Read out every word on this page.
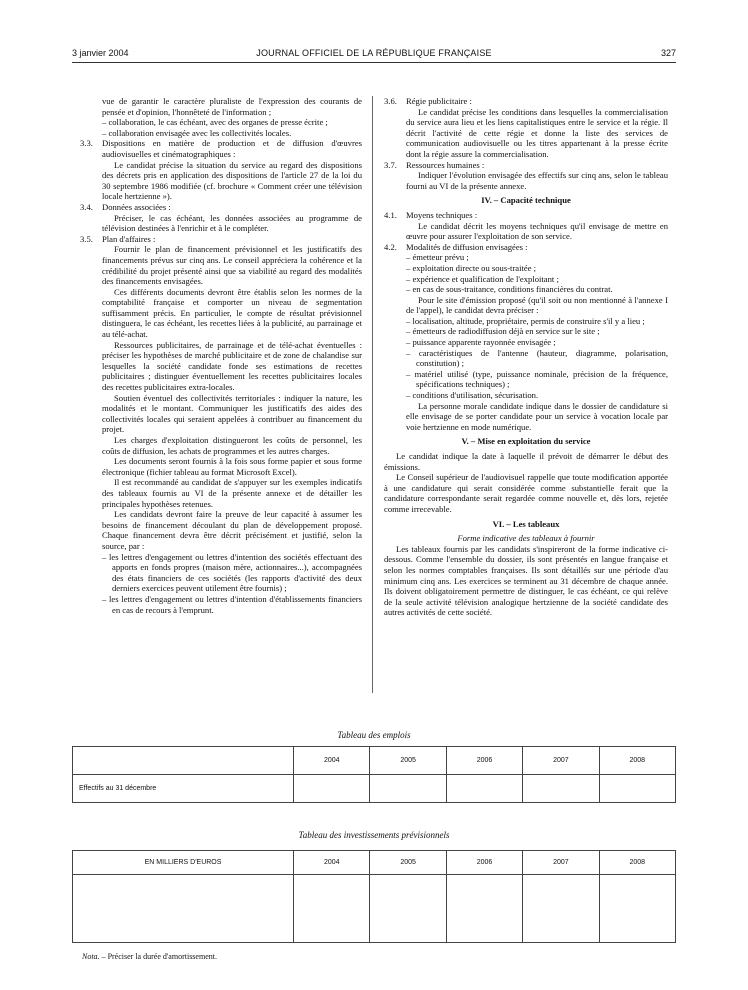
3 janvier 2004	JOURNAL OFFICIEL DE LA RÉPUBLIQUE FRANÇAISE	327

vue de garantir le caractère pluraliste de l'expression des courants de pensée et d'opinion, l'honnêteté de l'information ;

– collaboration, le cas échéant, avec des organes de presse écrite ;

– collaboration envisagée avec les collectivités locales.

3.3.	Dispositions en matière de production et de diffusion d'œuvres audiovisuelles et cinématographiques :

Le candidat précise la situation du service au regard des dispositions des décrets pris en application des dispositions de l'article 27 de la loi du 30 septembre 1986 modifiée (cf. brochure « Comment créer une télévision locale hertzienne »).

3.4.	Données associées :

Préciser, le cas échéant, les données associées au programme de télévision destinées à l'enrichir et à le compléter.

3.5.	Plan d'affaires :

Fournir le plan de financement prévisionnel et les justificatifs des financements prévus sur cinq ans. Le conseil appréciera la cohérence et la crédibilité du projet présenté ainsi que sa viabilité au regard des modalités des financements envisagées.

Ces différents documents devront être établis selon les normes de la comptabilité française et comporter un niveau de segmentation suffisamment précis. En particulier, le compte de résultat prévisionnel distinguera, le cas échéant, les recettes liées à la publicité, au parrainage et au télé-achat.

Ressources publicitaires, de parrainage et de télé-achat éventuelles : préciser les hypothèses de marché publicitaire et de zone de chalandise sur lesquelles la société candidate fonde ses estimations de recettes publicitaires ; distinguer éventuellement les recettes publicitaires locales des recettes publicitaires extra-locales.

Soutien éventuel des collectivités territoriales : indiquer la nature, les modalités et le montant. Communiquer les justificatifs des aides des collectivités locales qui seraient appelées à contribuer au financement du projet.

Les charges d'exploitation distingueront les coûts de personnel, les coûts de diffusion, les achats de programmes et les autres charges.

Les documents seront fournis à la fois sous forme papier et sous forme électronique (fichier tableau au format Microsoft Excel).

Il est recommandé au candidat de s'appuyer sur les exemples indicatifs des tableaux fournis au VI de la présente annexe et de détailler les principales hypothèses retenues.

Les candidats devront faire la preuve de leur capacité à assumer les besoins de financement découlant du plan de développement proposé. Chaque financement devra être décrit précisément et justifié, selon la source, par :

– les lettres d'engagement ou lettres d'intention des sociétés effectuant des apports en fonds propres (maison mère, actionnaires...), accompagnées des états financiers de ces sociétés (les rapports d'activité des deux derniers exercices peuvent utilement être fournis) ;

– les lettres d'engagement ou lettres d'intention d'établissements financiers en cas de recours à l'emprunt.

3.6.	Régie publicitaire :

Le candidat précise les conditions dans lesquelles la commercialisation du service aura lieu et les liens capitalistiques entre le service et la régie. Il décrit l'activité de cette régie et donne la liste des services de communication audiovisuelle ou les titres appartenant à la presse écrite dont la régie assure la commercialisation.

3.7.	Ressources humaines :

Indiquer l'évolution envisagée des effectifs sur cinq ans, selon le tableau fourni au VI de la présente annexe.

IV. – Capacité technique

4.1.	Moyens techniques :

Le candidat décrit les moyens techniques qu'il envisage de mettre en œuvre pour assurer l'exploitation de son service.

4.2.	Modalités de diffusion envisagées :

– émetteur prévu ;

– exploitation directe ou sous-traitée ;

– expérience et qualification de l'exploitant ;

– en cas de sous-traitance, conditions financières du contrat.

Pour le site d'émission proposé (qu'il soit ou non mentionné à l'annexe I de l'appel), le candidat devra préciser :

– localisation, altitude, propriétaire, permis de construire s'il y a lieu ;

– émetteurs de radiodiffusion déjà en service sur le site ;

– puissance apparente rayonnée envisagée ;

– caractéristiques de l'antenne (hauteur, diagramme, polarisation, constitution) ;

– matériel utilisé (type, puissance nominale, précision de la fréquence, spécifications techniques) ;

– conditions d'utilisation, sécurisation.

La personne morale candidate indique dans le dossier de candidature si elle envisage de se porter candidate pour un service à vocation locale par voie hertzienne en mode numérique.

V. – Mise en exploitation du service

Le candidat indique la date à laquelle il prévoit de démarrer le début des émissions.

Le Conseil supérieur de l'audiovisuel rappelle que toute modification apportée à une candidature qui serait considérée comme substantielle ferait que la candidature correspondante serait regardée comme nouvelle et, dès lors, rejetée comme irrecevable.

VI. – Les tableaux

Forme indicative des tableaux à fournir

Les tableaux fournis par les candidats s'inspireront de la forme indicative ci-dessous. Comme l'ensemble du dossier, ils sont présentés en langue française et selon les normes comptables françaises. Ils sont détaillés sur une période d'au minimum cinq ans. Les exercices se terminent au 31 décembre de chaque année. Ils doivent obligatoirement permettre de distinguer, le cas échéant, ce qui relève de la seule activité télévision analogique hertzienne de la société candidate des autres activités de cette société.

Tableau des emplois
	2004	2005	2006	2007	2008
Effectifs au 31 décembre					
Tableau des investissements prévisionnels
EN MILLIERS D'EUROS	2004	2005	2006	2007	2008

Nota. – Préciser la durée d'amortissement.
